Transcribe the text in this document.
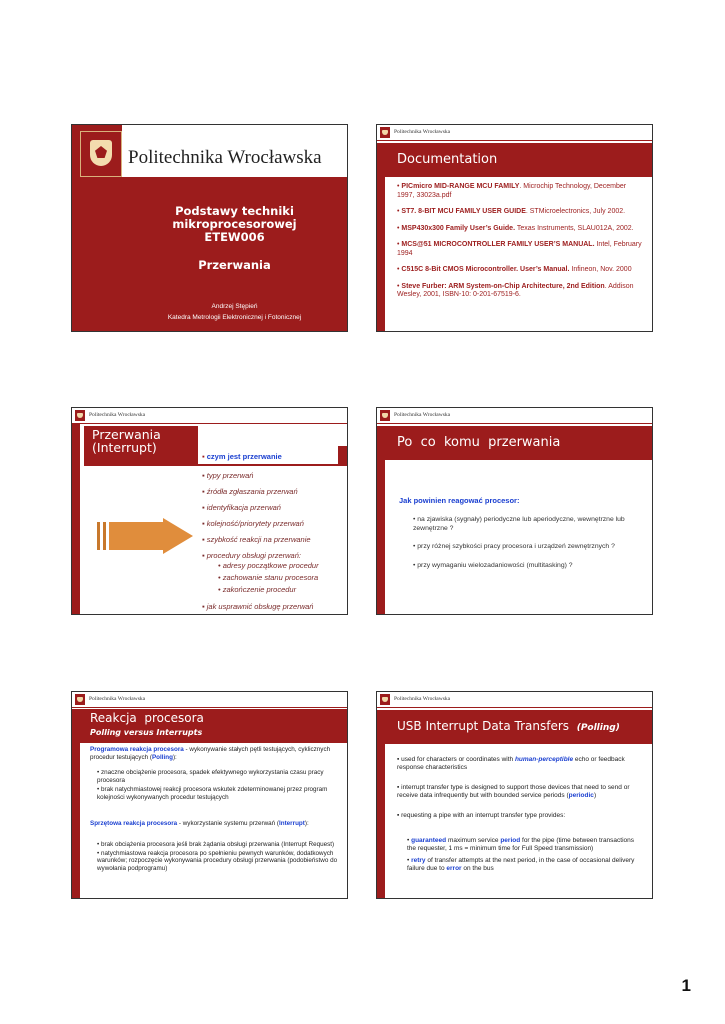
Politechnika Wrocławska
Podstawy techniki
mikroprocesorowej
ETEW006
Przerwania
Andrzej Stępień
Katedra Metrologii Elektronicznej i Fotonicznej
Politechnika Wrocławska
Documentation
• PICmicro MID-RANGE MCU FAMILY. Microchip Technology, December 1997, 33023a.pdf
• ST7. 8-BIT MCU FAMILY USER GUIDE. STMicroelectronics, July 2002.
• MSP430x300 Family User’s Guide. Texas Instruments, SLAU012A, 2002.
• MCS@51 MICROCONTROLLER FAMILY USER’S MANUAL. Intel, February 1994
• C515C 8-Bit CMOS Microcontroller. User’s Manual. Infineon, Nov. 2000
• Steve Furber: ARM System-on-Chip Architecture, 2nd Edition. Addison Wesley, 2001, ISBN-10: 0-201-67519-6.
Politechnika Wrocławska
Przerwania
(Interrupt)
▪ czym jest przerwanie
▪ typy przerwań
▪ źródła zgłaszania przerwań
▪ identyfikacja przerwań
▪ kolejność/priorytety przerwań
▪ szybkość reakcji na przerwanie
▪ procedury obsługi przerwań:
• adresy początkowe procedur
• zachowanie stanu procesora
• zakończenie procedur
▪ jak usprawnić obsługę przerwań
Politechnika Wrocławska
Po  co  komu  przerwania
Jak powinien reagować procesor:
• na zjawiska (sygnały) periodyczne lub aperiodyczne, wewnętrzne lub zewnętrzne ?
• przy różnej szybkości pracy procesora i urządzeń zewnętrznych ?
• przy wymaganiu wielozadaniowości (multitasking) ?
Politechnika Wrocławska
Reakcja  procesora
Polling versus Interrupts
Programowa reakcja procesora - wykonywanie stałych pętli testujących, cyklicznych procedur testujących (Polling):
• znaczne obciążenie procesora, spadek efektywnego wykorzystania czasu pracy procesora
• brak natychmiastowej reakcji procesora wskutek zdeterminowanej przez program kolejności wykonywanych procedur testujących
Sprzętowa reakcja procesora - wykorzystanie systemu przerwań (Interrupt):
• brak obciążenia procesora jeśli brak żądania obsługi przerwania (Interrupt Request)
• natychmiastowa reakcja procesora po spełnieniu pewnych warunków, dodatkowych warunków; rozpoczęcie wykonywania procedury obsługi przerwania (podobieństwo do wywołania podprogramu)
Politechnika Wrocławska
USB Interrupt Data Transfers (Polling)
▪ used for characters or coordinates with human-perceptible echo or feedback response characteristics
▪ interrupt transfer type is designed to support those devices that need to send or receive data infrequently but with bounded service periods (periodic)
▪ requesting a pipe with an interrupt transfer type provides:
• guaranteed maximum service period for the pipe (time between transactions the requester, 1 ms = minimum time for Full Speed transmission)
• retry of transfer attempts at the next period, in the case of occasional delivery failure due to error on the bus
1
